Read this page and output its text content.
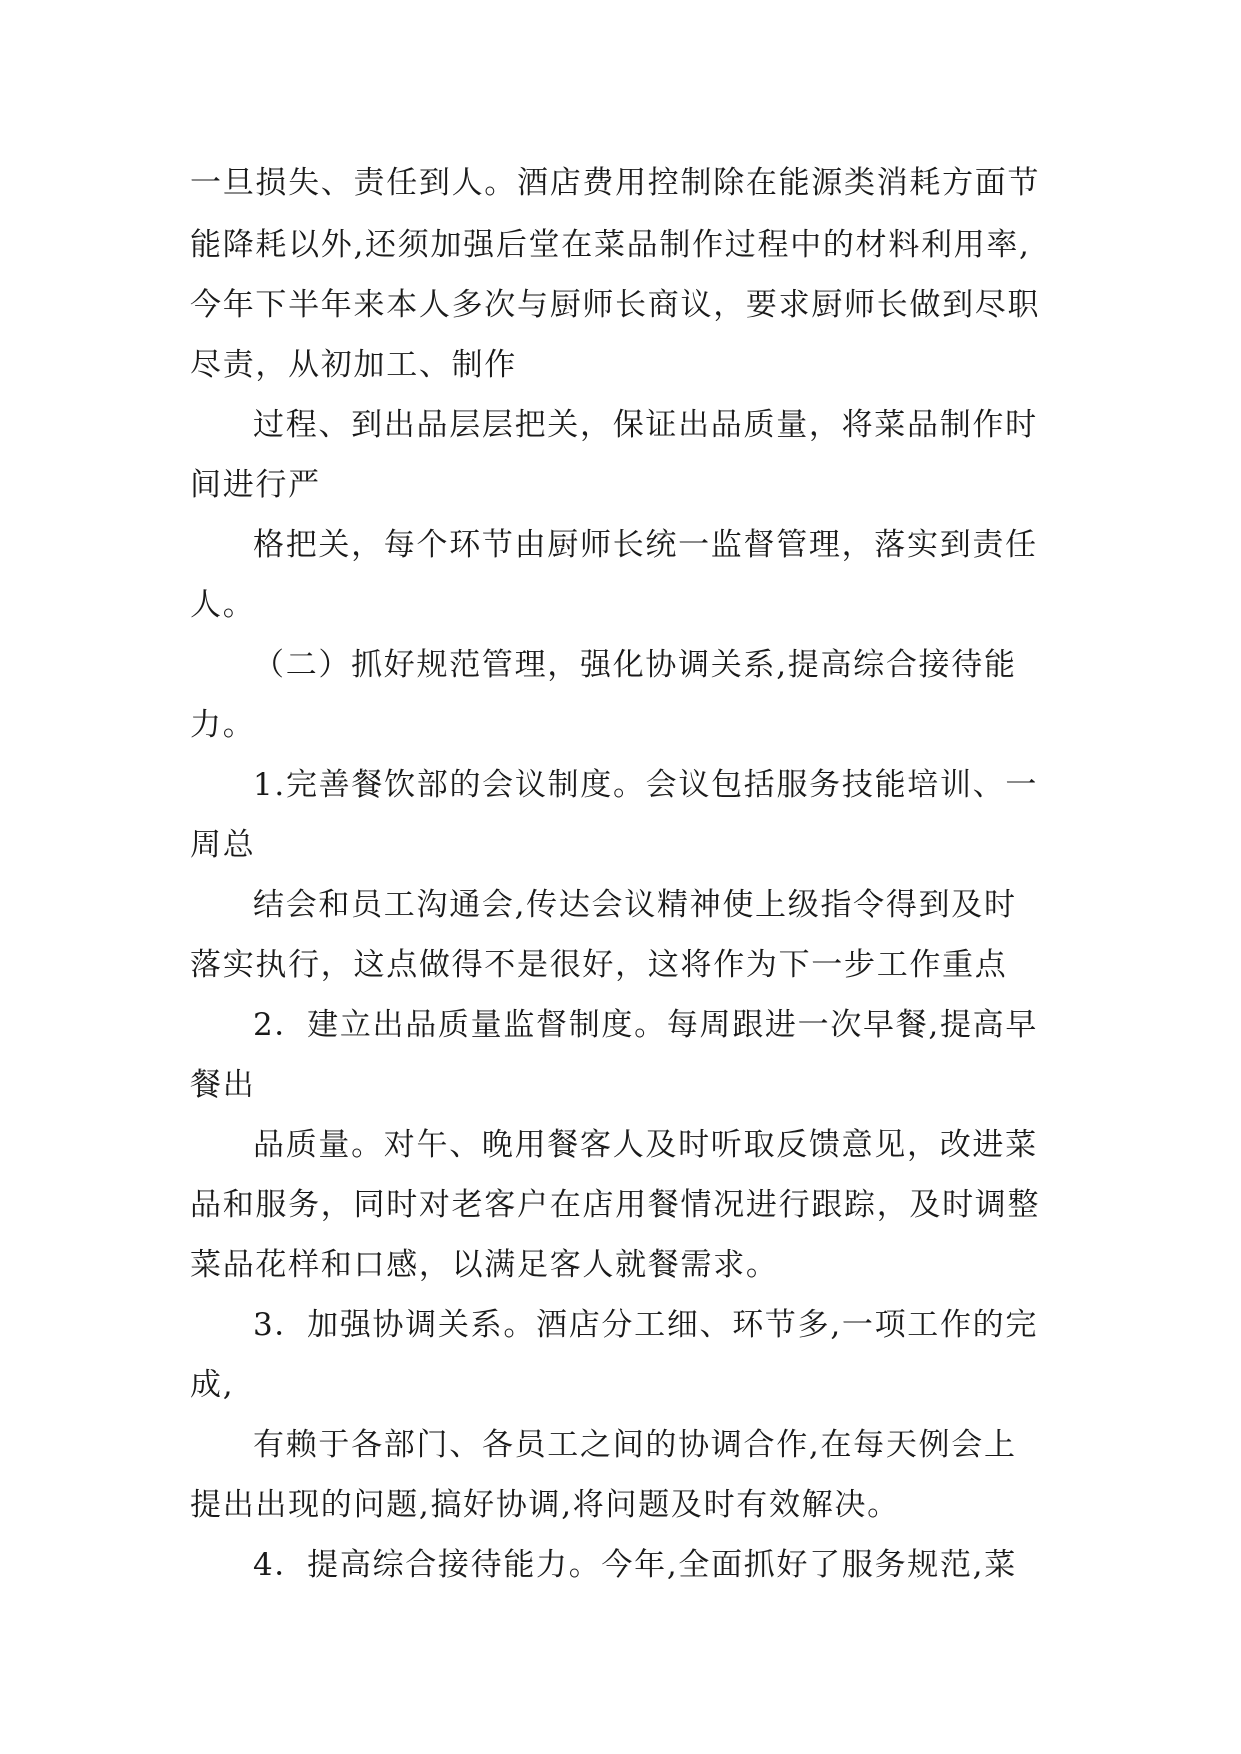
一旦损失、责任到人。酒店费用控制除在能源类消耗方面节
能降耗以外,还须加强后堂在菜品制作过程中的材料利用率,
今年下半年来本人多次与厨师长商议，要求厨师长做到尽职
尽责，从初加工、制作
过程、到出品层层把关，保证出品质量，将菜品制作时
间进行严
格把关，每个环节由厨师长统一监督管理，落实到责任
人。
（二）抓好规范管理，强化协调关系,提高综合接待能
力。
1.完善餐饮部的会议制度。会议包括服务技能培训、一
周总
结会和员工沟通会,传达会议精神使上级指令得到及时
落实执行，这点做得不是很好，这将作为下一步工作重点
2．建立出品质量监督制度。每周跟进一次早餐,提高早
餐出
品质量。对午、晚用餐客人及时听取反馈意见，改进菜
品和服务，同时对老客户在店用餐情况进行跟踪，及时调整
菜品花样和口感，以满足客人就餐需求。
3．加强协调关系。酒店分工细、环节多,一项工作的完
成,
有赖于各部门、各员工之间的协调合作,在每天例会上
提出出现的问题,搞好协调,将问题及时有效解决。
4．提高综合接待能力。今年,全面抓好了服务规范,菜
